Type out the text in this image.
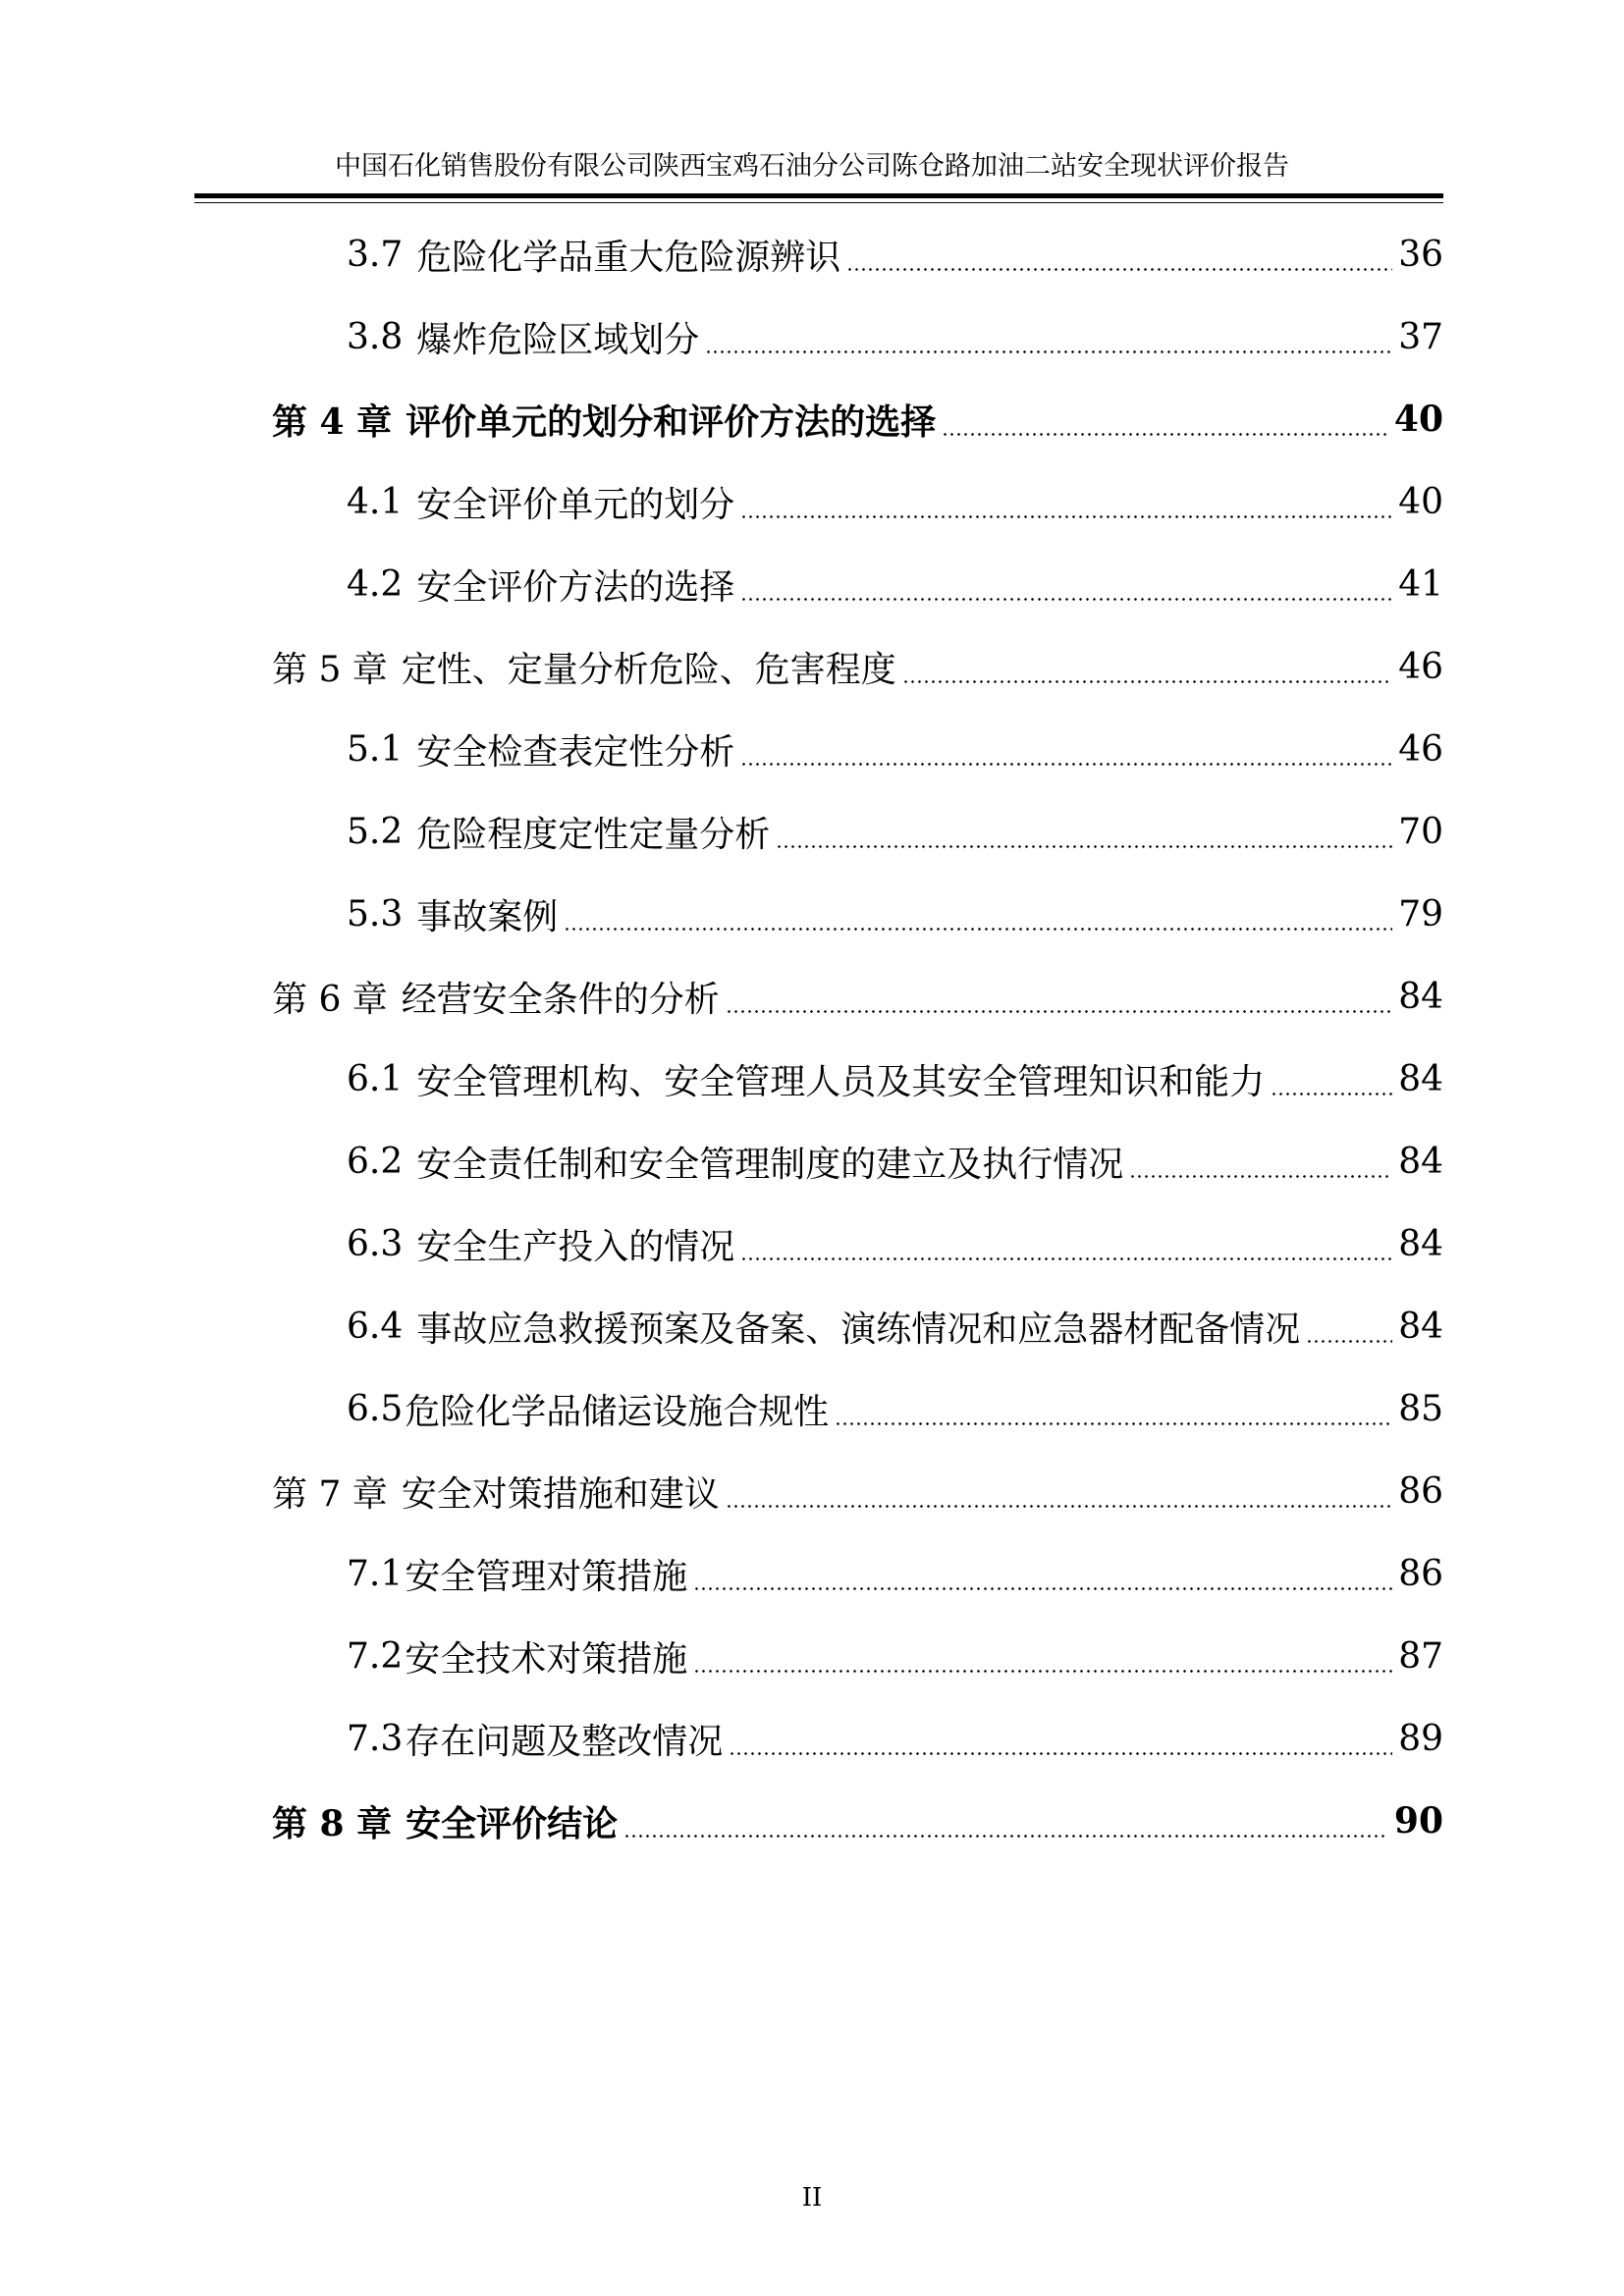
中国石化销售股份有限公司陕西宝鸡石油分公司陈仓路加油二站安全现状评价报告
3.7 危险化学品重大危险源辨识	36
3.8 爆炸危险区域划分	37
第 4 章 评价单元的划分和评价方法的选择	40
4.1 安全评价单元的划分	40
4.2 安全评价方法的选择	41
第 5 章 定性、定量分析危险、危害程度	46
5.1 安全检查表定性分析	46
5.2 危险程度定性定量分析	70
5.3 事故案例	79
第 6 章 经营安全条件的分析	84
6.1 安全管理机构、安全管理人员及其安全管理知识和能力	84
6.2 安全责任制和安全管理制度的建立及执行情况	84
6.3 安全生产投入的情况	84
6.4 事故应急救援预案及备案、演练情况和应急器材配备情况	84
6.5 危险化学品储运设施合规性	85
第 7 章 安全对策措施和建议	86
7.1 安全管理对策措施	86
7.2 安全技术对策措施	87
7.3 存在问题及整改情况	89
第 8 章 安全评价结论	90
II
